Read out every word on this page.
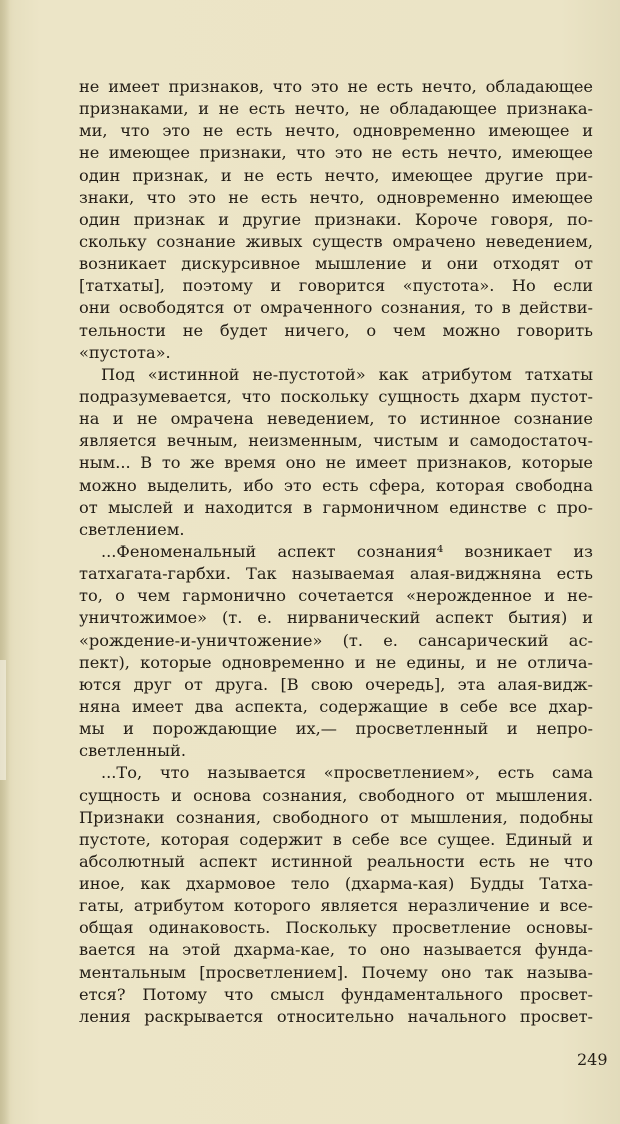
не имеет признаков, что это не есть нечто, обладающее
признаками, и не есть нечто, не обладающее признака-
ми, что это не есть нечто, одновременно имеющее и
не имеющее признаки, что это не есть нечто, имеющее
один признак, и не есть нечто, имеющее другие при-
знаки, что это не есть нечто, одновременно имеющее
один признак и другие признаки. Короче говоря, по-
скольку сознание живых существ омрачено неведением,
возникает дискурсивное мышление и они отходят от
[татхаты], поэтому и говорится «пустота». Но если
они освободятся от омраченного сознания, то в действи-
тельности не будет ничего, о чем можно говорить
«пустота».
Под «истинной не-пустотой» как атрибутом татхаты
подразумевается, что поскольку сущность дхарм пустот-
на и не омрачена неведением, то истинное сознание
является вечным, неизменным, чистым и самодостаточ-
ным... В то же время оно не имеет признаков, которые
можно выделить, ибо это есть сфера, которая свободна
от мыслей и находится в гармоничном единстве с про-
светлением.
...Феноменальный аспект сознания⁴ возникает из
татхагата-гарбхи. Так называемая алая-виджняна есть
то, о чем гармонично сочетается «нерожденное и не-
уничтожимое» (т. е. нирванический аспект бытия) и
«рождение-и-уничтожение» (т. е. сансарический ас-
пект), которые одновременно и не едины, и не отлича-
ются друг от друга. [В свою очередь], эта алая-видж-
няна имеет два аспекта, содержащие в себе все дхар-
мы и порождающие их,— просветленный и непро-
светленный.
...То, что называется «просветлением», есть сама
сущность и основа сознания, свободного от мышления.
Признаки сознания, свободного от мышления, подобны
пустоте, которая содержит в себе все сущее. Единый и
абсолютный аспект истинной реальности есть не что
иное, как дхармовое тело (дхарма-кая) Будды Татха-
гаты, атрибутом которого является неразличение и все-
общая одинаковость. Поскольку просветление основы-
вается на этой дхарма-кае, то оно называется фунда-
ментальным [просветлением]. Почему оно так называ-
ется? Потому что смысл фундаментального просвет-
ления раскрывается относительно начального просвет-
249
